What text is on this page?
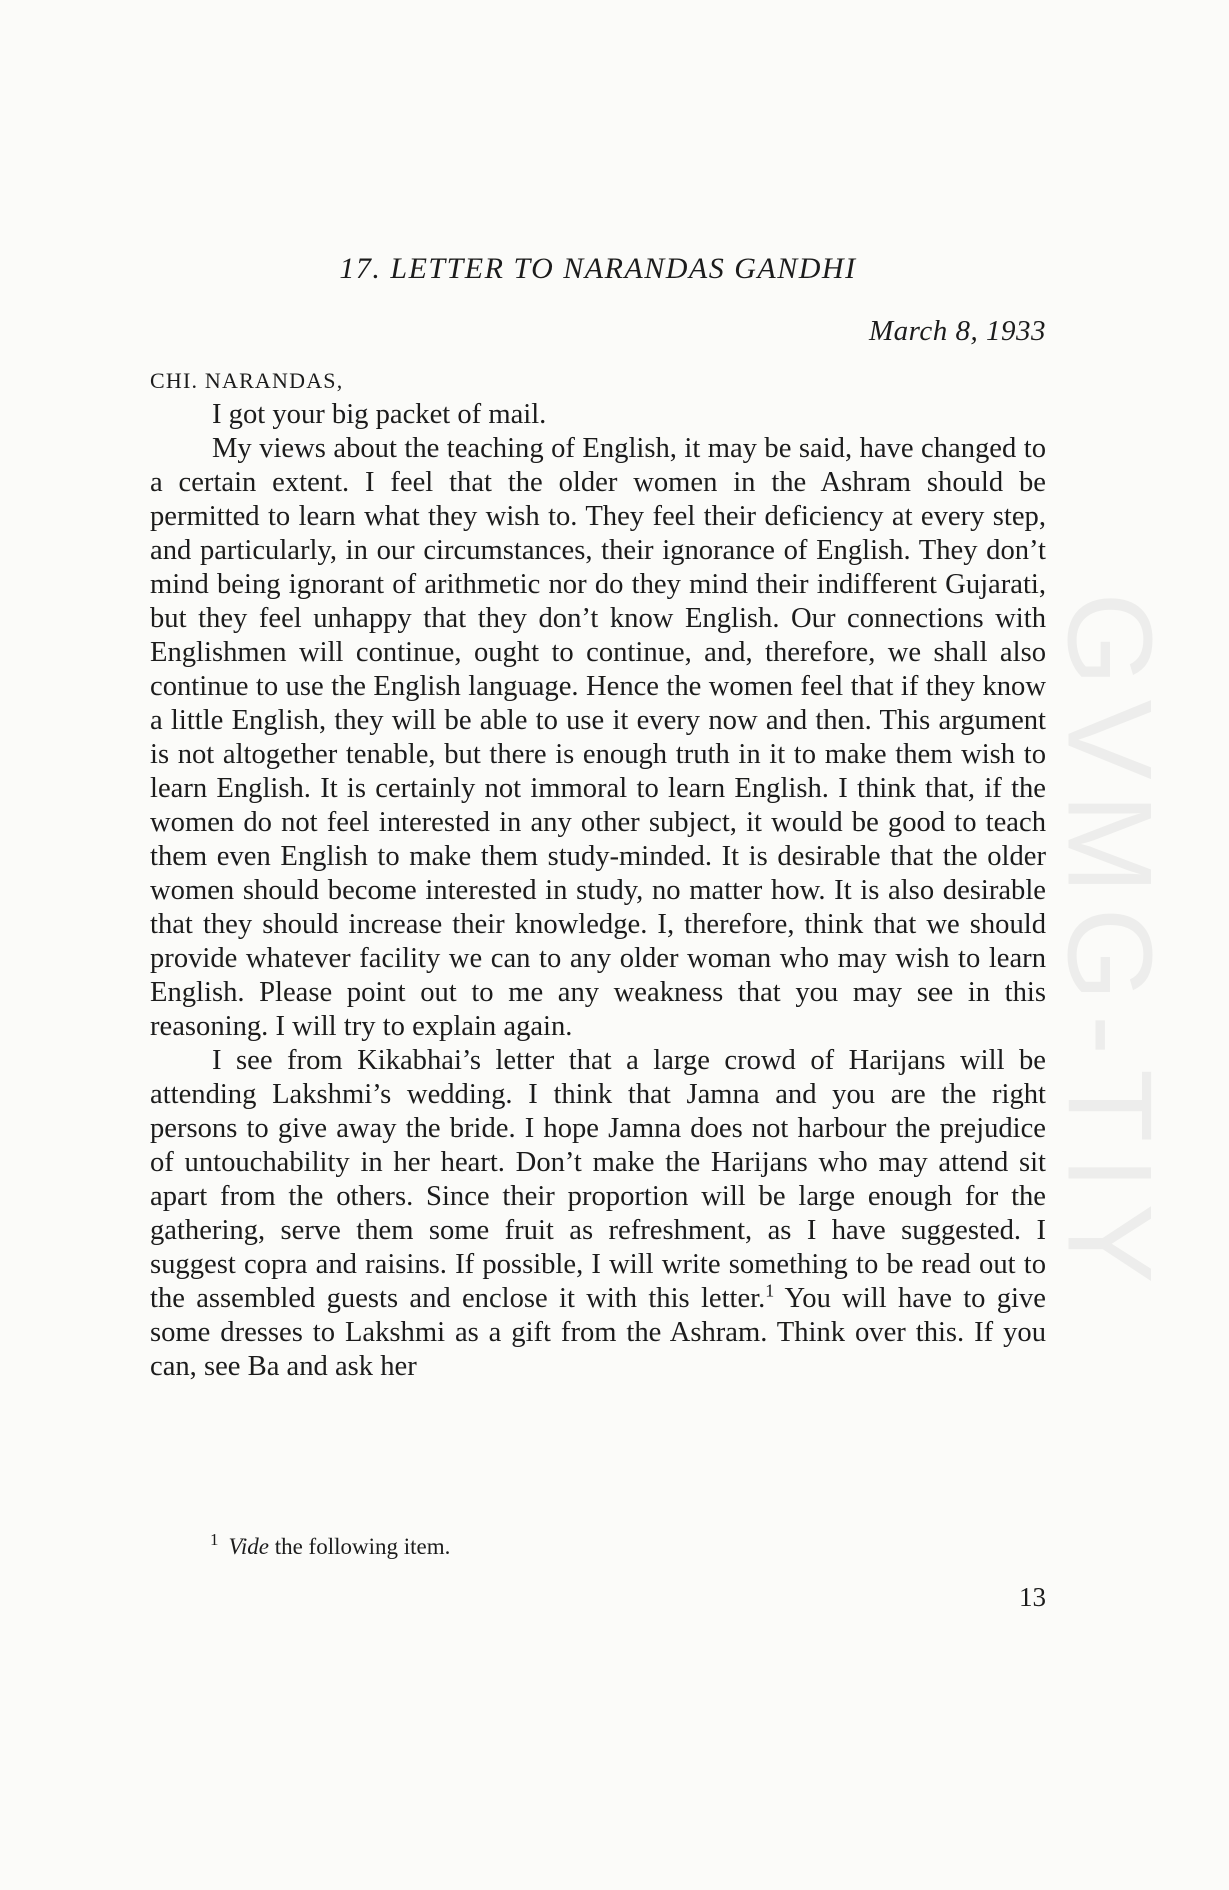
17. LETTER TO NARANDAS GANDHI
March 8, 1933
CHI. NARANDAS,

I got your big packet of mail.

My views about the teaching of English, it may be said, have changed to a certain extent. I feel that the older women in the Ashram should be permitted to learn what they wish to. They feel their deficiency at every step, and particularly, in our circumstances, their ignorance of English. They don’t mind being ignorant of arithmetic nor do they mind their indifferent Gujarati, but they feel unhappy that they don’t know English. Our connections with Englishmen will continue, ought to continue, and, therefore, we shall also continue to use the English language. Hence the women feel that if they know a little English, they will be able to use it every now and then. This argument is not altogether tenable, but there is enough truth in it to make them wish to learn English. It is certainly not immoral to learn English. I think that, if the women do not feel interested in any other subject, it would be good to teach them even English to make them study-minded. It is desirable that the older women should become interested in study, no matter how. It is also desirable that they should increase their knowledge. I, therefore, think that we should provide whatever facility we can to any older woman who may wish to learn English. Please point out to me any weakness that you may see in this reasoning. I will try to explain again.

I see from Kikabhai’s letter that a large crowd of Harijans will be attending Lakshmi’s wedding. I think that Jamna and you are the right persons to give away the bride. I hope Jamna does not harbour the prejudice of untouchability in her heart. Don’t make the Harijans who may attend sit apart from the others. Since their proportion will be large enough for the gathering, serve them some fruit as refreshment, as I have suggested. I suggest copra and raisins. If possible, I will write something to be read out to the assembled guests and enclose it with this letter.$^1$ You will have to give some dresses to Lakshmi as a gift from the Ashram. Think over this. If you can, see Ba and ask her

$^1$ Vide the following item.
13
GVMG-TIY
